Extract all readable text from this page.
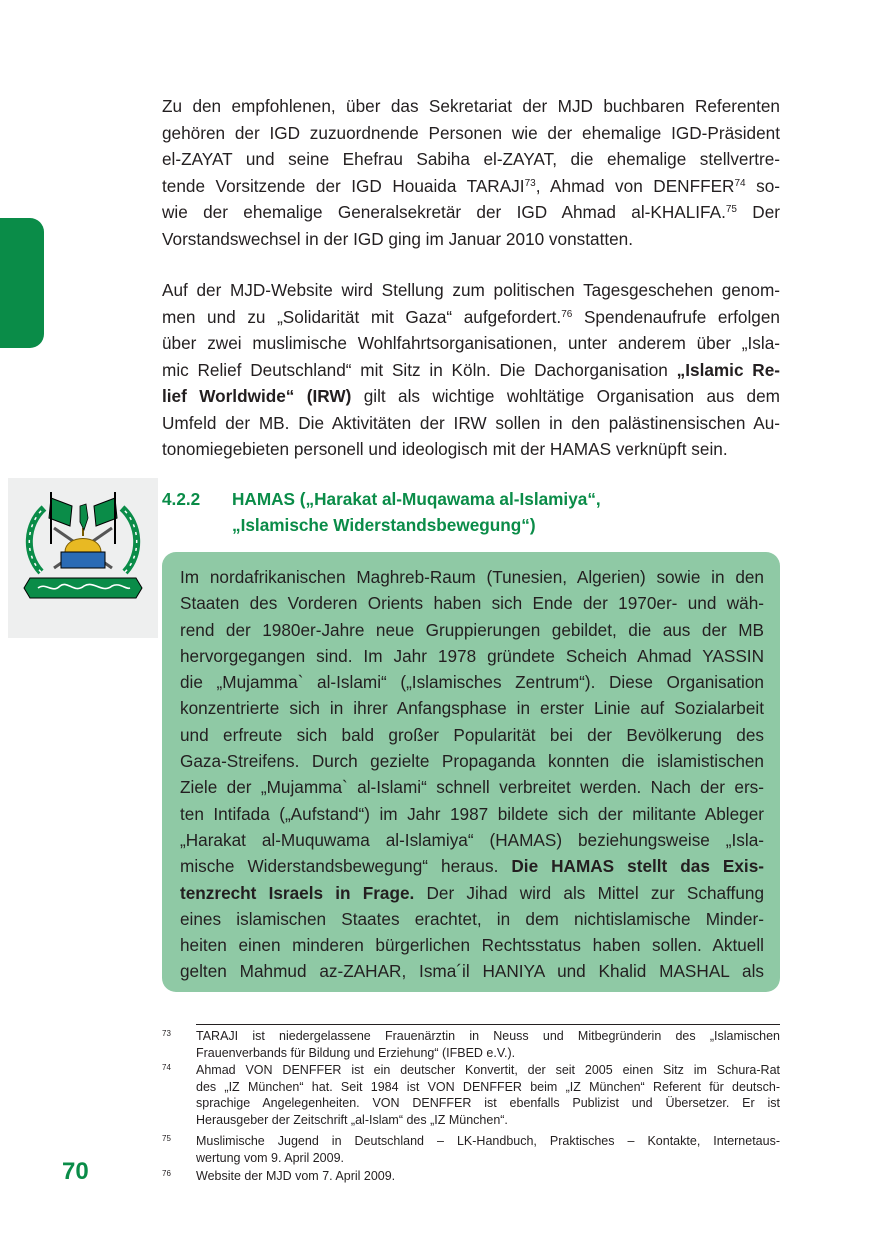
Zu den empfohlenen, über das Sekretariat der MJD buchbaren Referenten
gehören der IGD zuzuordnende Personen wie der ehemalige IGD-Präsident
el-ZAYAT und seine Ehefrau Sabiha el-ZAYAT, die ehemalige stellvertre-
tende Vorsitzende der IGD Houaida TARAJI$^{73}$, Ahmad von DENFFER$^{74}$ so-
wie der ehemalige Generalsekretär der IGD Ahmad al-KHALIFA.$^{75}$ Der
Vorstandswechsel in der IGD ging im Januar 2010 vonstatten.
Auf der MJD-Website wird Stellung zum politischen Tagesgeschehen genom-
men und zu „Solidarität mit Gaza“ aufgefordert.$^{76}$ Spendenaufrufe erfolgen
über zwei muslimische Wohlfahrtsorganisationen, unter anderem über „Isla-
mic Relief Deutschland“ mit Sitz in Köln. Die Dachorganisation „Islamic Re-
lief Worldwide“ (IRW) gilt als wichtige wohltätige Organisation aus dem
Umfeld der MB. Die Aktivitäten der IRW sollen in den palästinensischen Au-
tonomiegebieten personell und ideologisch mit der HAMAS verknüpft sein.
4.2.2 HAMAS („Harakat al-Muqawama al-Islamiya“,
„Islamische Widerstandsbewegung“)
Im nordafrikanischen Maghreb-Raum (Tunesien, Algerien) sowie in den
Staaten des Vorderen Orients haben sich Ende der 1970er- und wäh-
rend der 1980er-Jahre neue Gruppierungen gebildet, die aus der MB
hervorgegangen sind. Im Jahr 1978 gründete Scheich Ahmad YASSIN
die „Mujamma` al-Islami“ („Islamisches Zentrum“). Diese Organisation
konzentrierte sich in ihrer Anfangsphase in erster Linie auf Sozialarbeit
und erfreute sich bald großer Popularität bei der Bevölkerung des
Gaza-Streifens. Durch gezielte Propaganda konnten die islamistischen
Ziele der „Mujamma` al-Islami“ schnell verbreitet werden. Nach der ers-
ten Intifada („Aufstand“) im Jahr 1987 bildete sich der militante Ableger
„Harakat al-Muquwama al-Islamiya“ (HAMAS) beziehungsweise „Isla-
mische Widerstandsbewegung“ heraus. Die HAMAS stellt das Exis-
tenzrecht Israels in Frage. Der Jihad wird als Mittel zur Schaffung
eines islamischen Staates erachtet, in dem nichtislamische Minder-
heiten einen minderen bürgerlichen Rechtsstatus haben sollen. Aktuell
gelten Mahmud az-ZAHAR, Isma´il HANIYA und Khalid MASHAL als
73 TARAJI ist niedergelassene Frauenärztin in Neuss und Mitbegründerin des „Islamischen
Frauenverbands für Bildung und Erziehung“ (IFBED e.V.).
74 Ahmad VON DENFFER ist ein deutscher Konvertit, der seit 2005 einen Sitz im Schura-Rat
des „IZ München“ hat. Seit 1984 ist VON DENFFER beim „IZ München“ Referent für deutsch-
sprachige Angelegenheiten. VON DENFFER ist ebenfalls Publizist und Übersetzer. Er ist
Herausgeber der Zeitschrift „al-Islam“ des „IZ München“.
75 Muslimische Jugend in Deutschland – LK-Handbuch, Praktisches – Kontakte, Internetaus-
wertung vom 9. April 2009.
76 Website der MJD vom 7. April 2009.
70
